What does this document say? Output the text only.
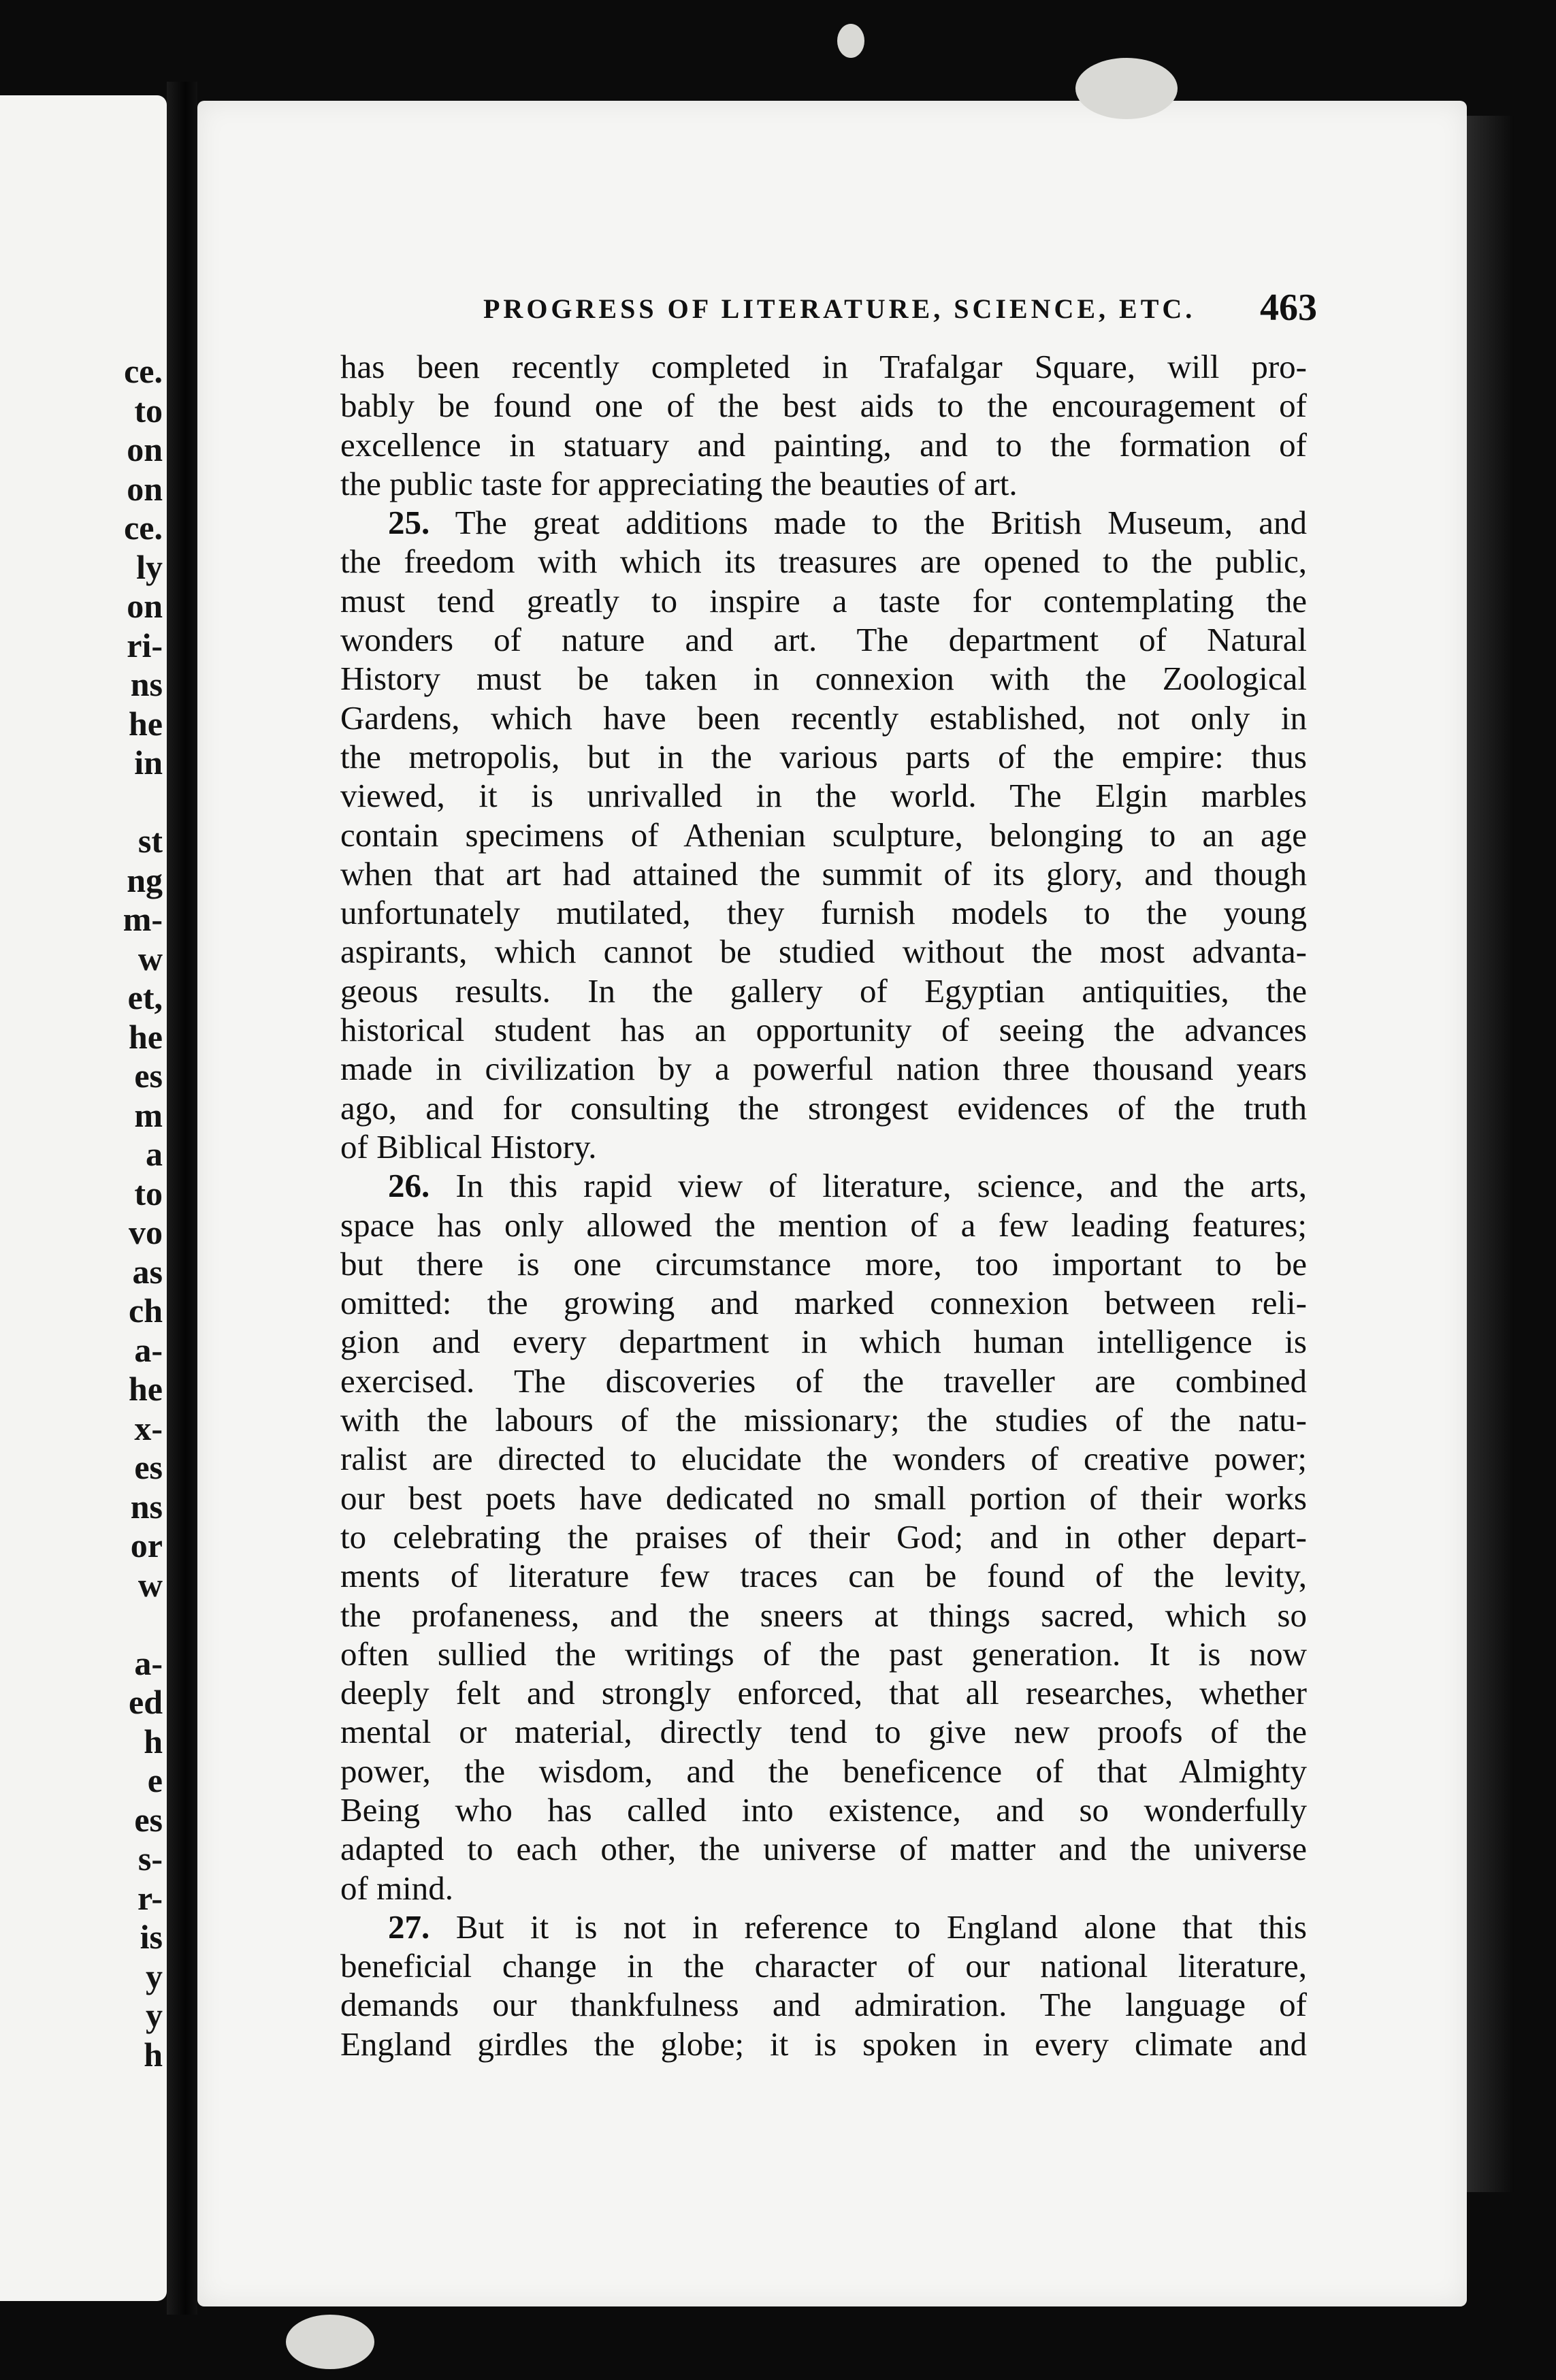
ce.
to
on
on
ce.
ly
on
ri-
ns
he
in
st
ng
m-
w
et,
he
es
m
a
to
vo
as
ch
a-
he
x-
es
ns
or
w
a-
ed
h
e
es
s-
r-
is
y
y
h
PROGRESS OF LITERATURE, SCIENCE, ETC. 463
has been recently completed in Trafalgar Square, will pro-
bably be found one of the best aids to the encouragement of
excellence in statuary and painting, and to the formation of
the public taste for appreciating the beauties of art.
25. The great additions made to the British Museum, and
the freedom with which its treasures are opened to the public,
must tend greatly to inspire a taste for contemplating the
wonders of nature and art. The department of Natural
History must be taken in connexion with the Zoological
Gardens, which have been recently established, not only in
the metropolis, but in the various parts of the empire: thus
viewed, it is unrivalled in the world. The Elgin marbles
contain specimens of Athenian sculpture, belonging to an age
when that art had attained the summit of its glory, and though
unfortunately mutilated, they furnish models to the young
aspirants, which cannot be studied without the most advanta-
geous results. In the gallery of Egyptian antiquities, the
historical student has an opportunity of seeing the advances
made in civilization by a powerful nation three thousand years
ago, and for consulting the strongest evidences of the truth
of Biblical History.
26. In this rapid view of literature, science, and the arts,
space has only allowed the mention of a few leading features;
but there is one circumstance more, too important to be
omitted: the growing and marked connexion between reli-
gion and every department in which human intelligence is
exercised. The discoveries of the traveller are combined
with the labours of the missionary; the studies of the natu-
ralist are directed to elucidate the wonders of creative power;
our best poets have dedicated no small portion of their works
to celebrating the praises of their God; and in other depart-
ments of literature few traces can be found of the levity,
the profaneness, and the sneers at things sacred, which so
often sullied the writings of the past generation. It is now
deeply felt and strongly enforced, that all researches, whether
mental or material, directly tend to give new proofs of the
power, the wisdom, and the beneficence of that Almighty
Being who has called into existence, and so wonderfully
adapted to each other, the universe of matter and the universe
of mind.
27. But it is not in reference to England alone that this
beneficial change in the character of our national literature,
demands our thankfulness and admiration. The language of
England girdles the globe; it is spoken in every climate and
